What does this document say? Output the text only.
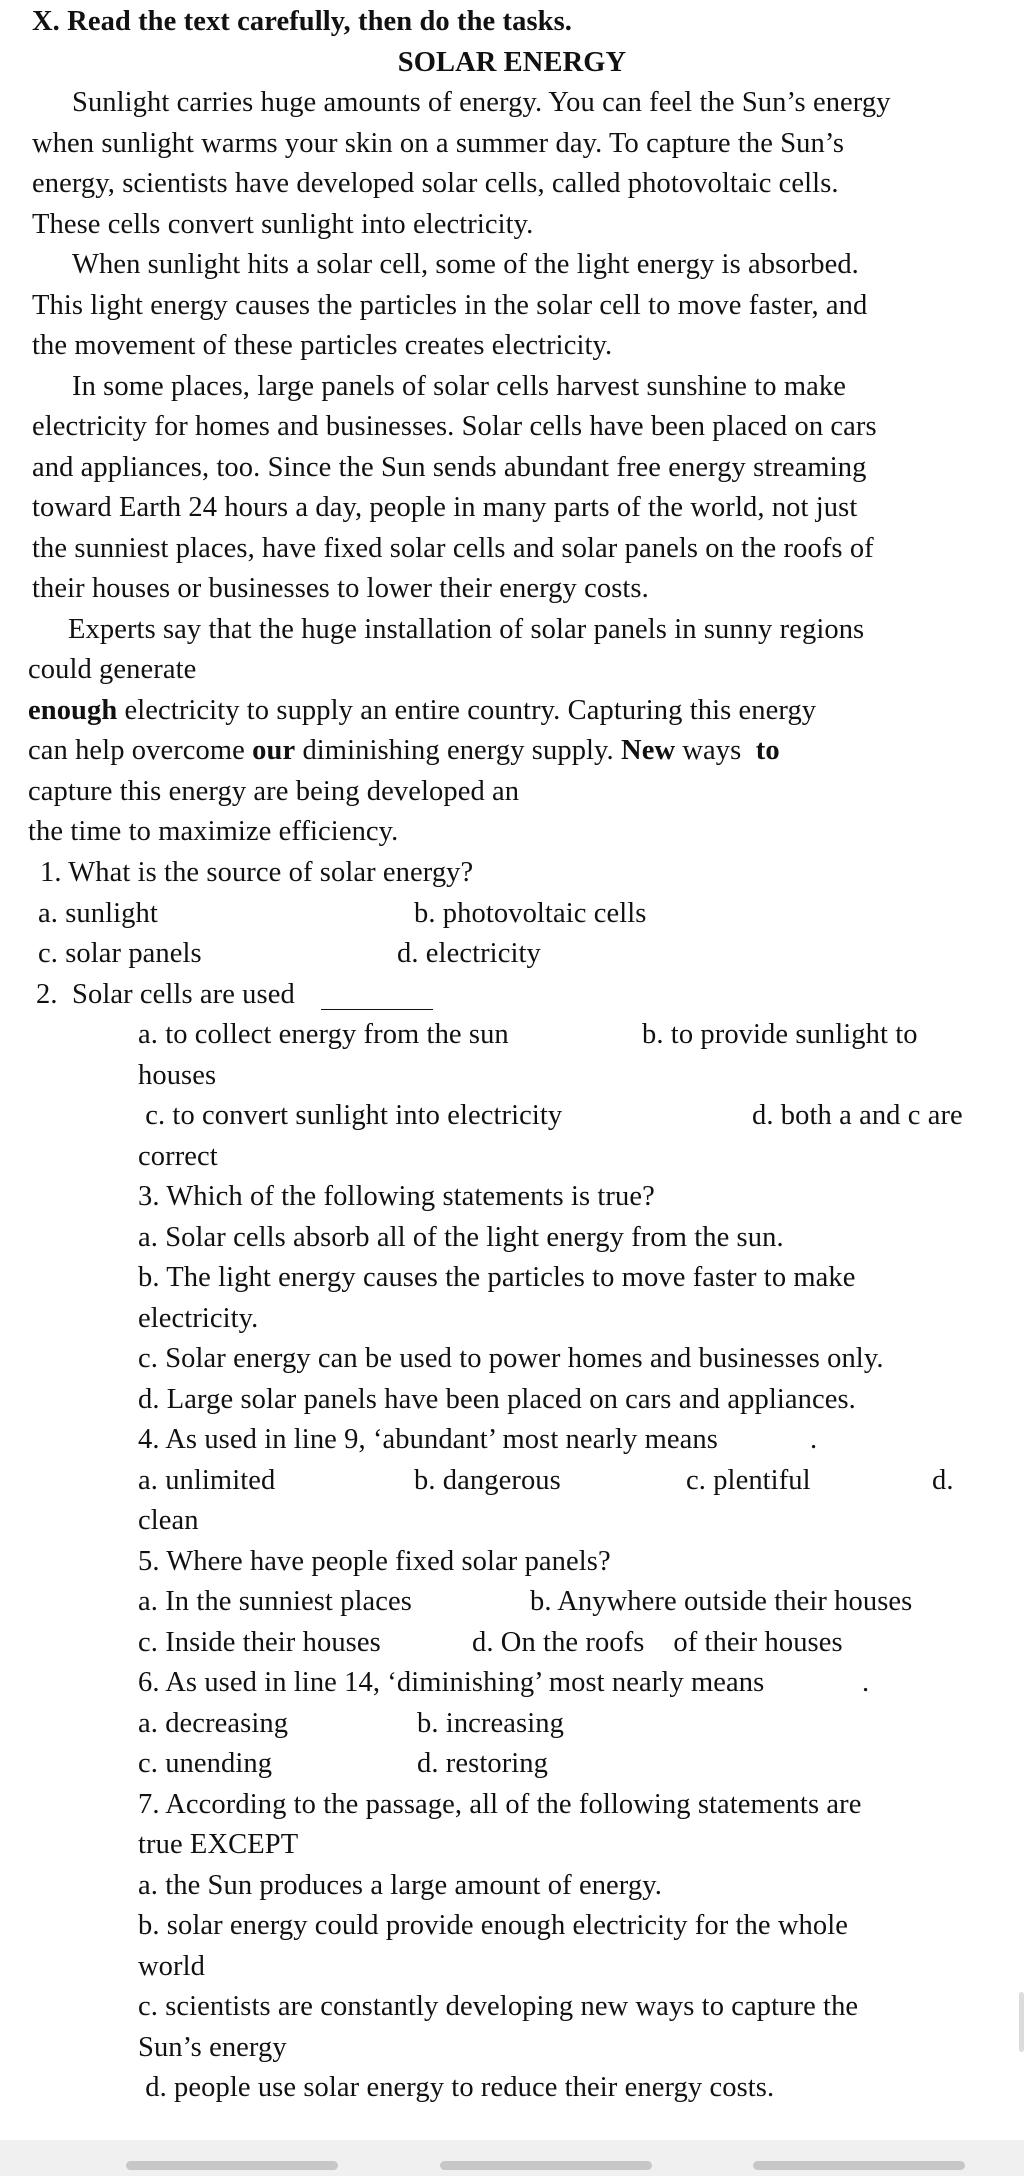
X. Read the text carefully, then do the tasks.
SOLAR ENERGY
Sunlight carries huge amounts of energy. You can feel the Sun’s energy
when sunlight warms your skin on a summer day. To capture the Sun’s
energy, scientists have developed solar cells, called photovoltaic cells.
These cells convert sunlight into electricity.
When sunlight hits a solar cell, some of the light energy is absorbed.
This light energy causes the particles in the solar cell to move faster, and
the movement of these particles creates electricity.
In some places, large panels of solar cells harvest sunshine to make
electricity for homes and businesses. Solar cells have been placed on cars
and appliances, too. Since the Sun sends abundant free energy streaming
toward Earth 24 hours a day, people in many parts of the world, not just
the sunniest places, have fixed solar cells and solar panels on the roofs of
their houses or businesses to lower their energy costs.
Experts say that the huge installation of solar panels in sunny regions
could generate
enough electricity to supply an entire country. Capturing this energy
can help overcome our diminishing energy supply. New ways  to
capture this energy are being developed an
the time to maximize efficiency.
1. What is the source of solar energy?
a. sunlight	b. photovoltaic cells
c. solar panels	d. electricity
2.  Solar cells are used
a. to collect energy from the sun	b. to provide sunlight to
houses
c. to convert sunlight into electricity	d. both a and c are
correct
3. Which of the following statements is true?
a. Solar cells absorb all of the light energy from the sun.
b. The light energy causes the particles to move faster to make
electricity.
c. Solar energy can be used to power homes and businesses only.
d. Large solar panels have been placed on cars and appliances.
4. As used in line 9, ‘abundant’ most nearly means	.
a. unlimited	b. dangerous	c. plentiful	d.
clean
5. Where have people fixed solar panels?
a. In the sunniest places	b. Anywhere outside their houses
c. Inside their houses	d. On the roofs    of their houses
6. As used in line 14, ‘diminishing’ most nearly means	.
a. decreasing	b. increasing
c. unending	d. restoring
7. According to the passage, all of the following statements are
true EXCEPT
a. the Sun produces a large amount of energy.
b. solar energy could provide enough electricity for the whole
world
c. scientists are constantly developing new ways to capture the
Sun’s energy
d. people use solar energy to reduce their energy costs.
